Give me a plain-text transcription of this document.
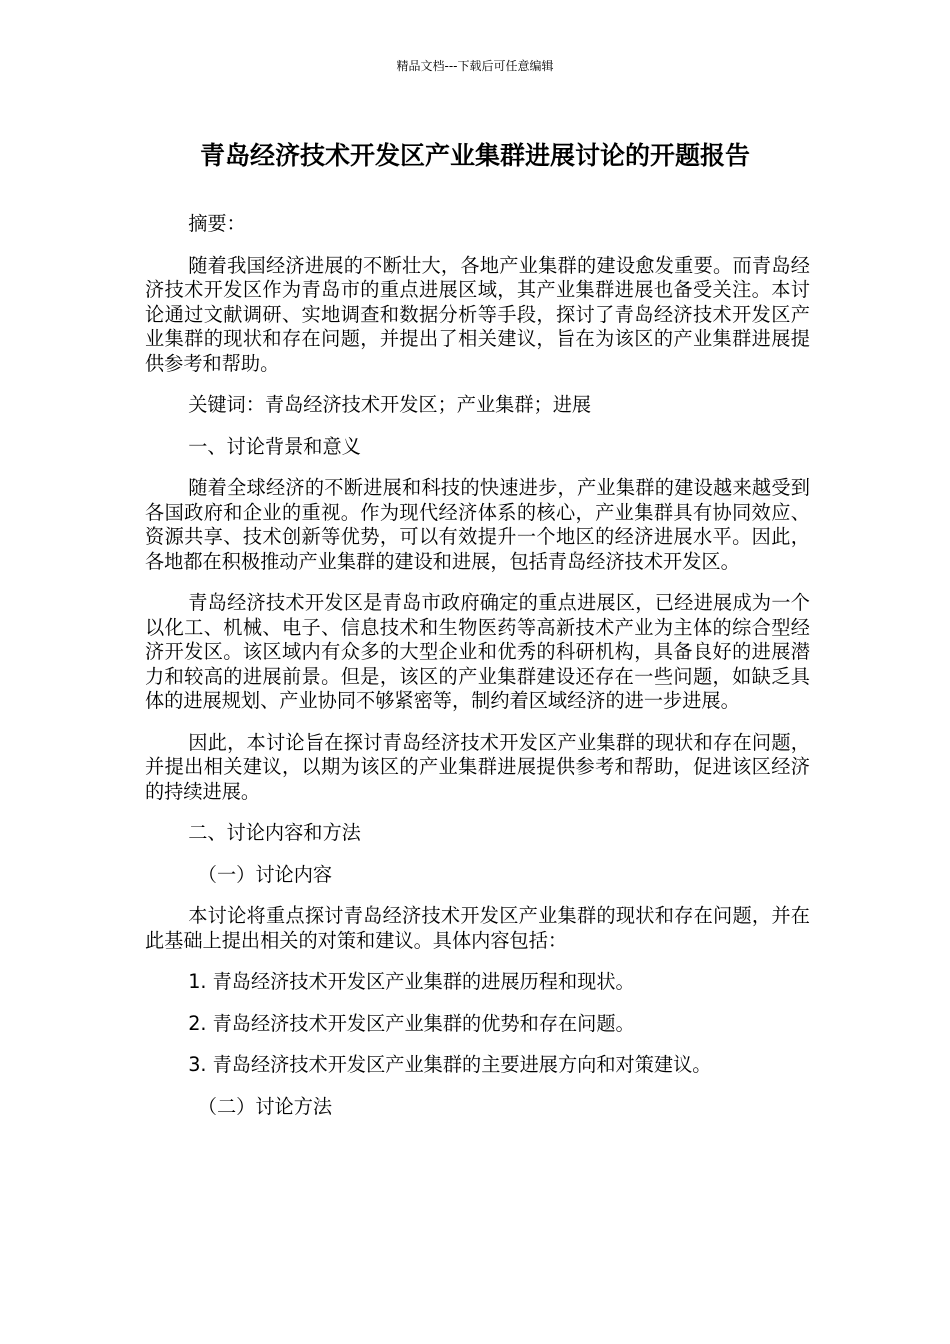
精品文档---下载后可任意编辑
青岛经济技术开发区产业集群进展讨论的开题报告

摘要：

随着我国经济进展的不断壮大，各地产业集群的建设愈发重要。而青岛经济技术开发区作为青岛市的重点进展区域，其产业集群进展也备受关注。本讨论通过文献调研、实地调查和数据分析等手段，探讨了青岛经济技术开发区产业集群的现状和存在问题，并提出了相关建议，旨在为该区的产业集群进展提供参考和帮助。

关键词：青岛经济技术开发区；产业集群；进展

一、讨论背景和意义

随着全球经济的不断进展和科技的快速进步，产业集群的建设越来越受到各国政府和企业的重视。作为现代经济体系的核心，产业集群具有协同效应、资源共享、技术创新等优势，可以有效提升一个地区的经济进展水平。因此，各地都在积极推动产业集群的建设和进展，包括青岛经济技术开发区。

青岛经济技术开发区是青岛市政府确定的重点进展区，已经进展成为一个以化工、机械、电子、信息技术和生物医药等高新技术产业为主体的综合型经济开发区。该区域内有众多的大型企业和优秀的科研机构，具备良好的进展潜力和较高的进展前景。但是，该区的产业集群建设还存在一些问题，如缺乏具体的进展规划、产业协同不够紧密等，制约着区域经济的进一步进展。

因此，本讨论旨在探讨青岛经济技术开发区产业集群的现状和存在问题，并提出相关建议，以期为该区的产业集群进展提供参考和帮助，促进该区经济的持续进展。

二、讨论内容和方法

（一）讨论内容

本讨论将重点探讨青岛经济技术开发区产业集群的现状和存在问题，并在此基础上提出相关的对策和建议。具体内容包括：

1. 青岛经济技术开发区产业集群的进展历程和现状。

2. 青岛经济技术开发区产业集群的优势和存在问题。

3. 青岛经济技术开发区产业集群的主要进展方向和对策建议。

（二）讨论方法
